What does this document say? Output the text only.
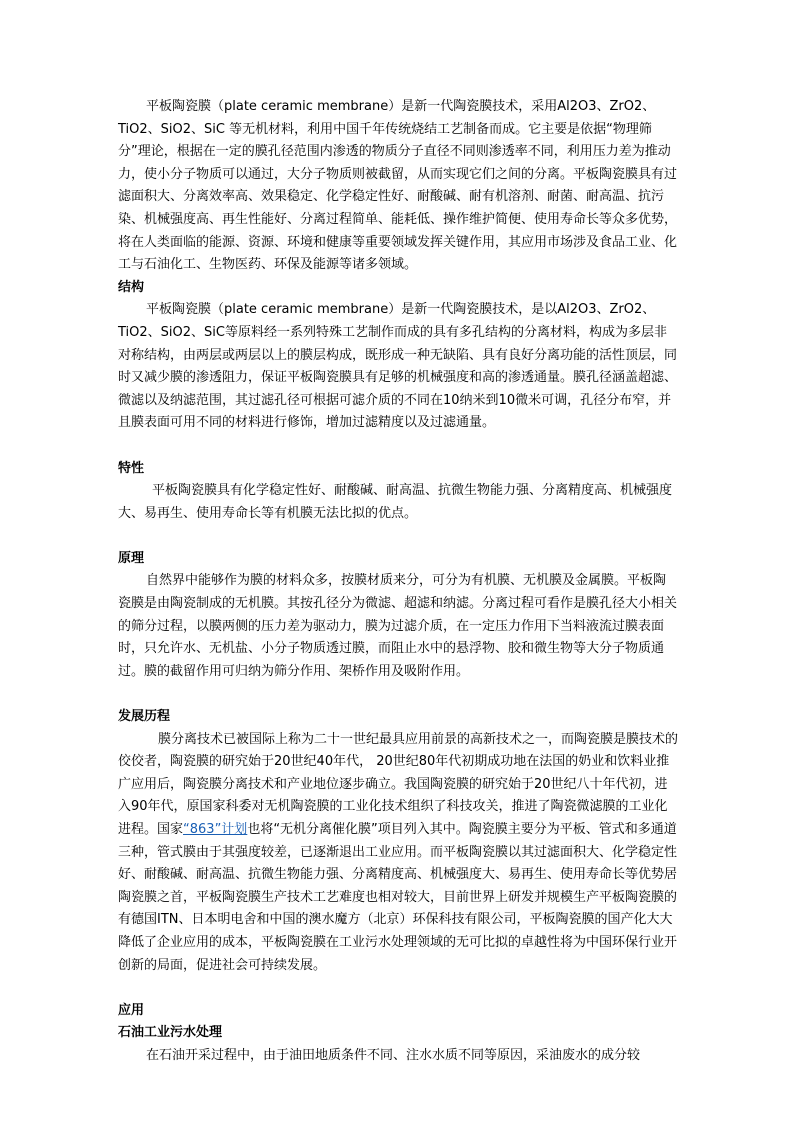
平板陶瓷膜（plate ceramic membrane）是新一代陶瓷膜技术，采用Al2O3、ZrO2、TiO2、SiO2、SiC 等无机材料，利用中国千年传统烧结工艺制备而成。它主要是依据“物理筛分”理论，根据在一定的膜孔径范围内渗透的物质分子直径不同则渗透率不同，利用压力差为推动力，使小分子物质可以通过，大分子物质则被截留，从而实现它们之间的分离。平板陶瓷膜具有过滤面积大、分离效率高、效果稳定、化学稳定性好、耐酸碱、耐有机溶剂、耐菌、耐高温、抗污染、机械强度高、再生性能好、分离过程简单、能耗低、操作维护简便、使用寿命长等众多优势，将在人类面临的能源、资源、环境和健康等重要领域发挥关键作用，其应用市场涉及食品工业、化工与石油化工、生物医药、环保及能源等诸多领域。

结构

平板陶瓷膜（plate ceramic membrane）是新一代陶瓷膜技术，是以Al2O3、ZrO2、TiO2、SiO2、SiC等原料经一系列特殊工艺制作而成的具有多孔结构的分离材料，构成为多层非对称结构，由两层或两层以上的膜层构成，既形成一种无缺陷、具有良好分离功能的活性顶层，同时又减少膜的渗透阻力，保证平板陶瓷膜具有足够的机械强度和高的渗透通量。膜孔径涵盖超滤、微滤以及纳滤范围，其过滤孔径可根据可滤介质的不同在10纳米到10微米可调，孔径分布窄，并且膜表面可用不同的材料进行修饰，增加过滤精度以及过滤通量。

特性

平板陶瓷膜具有化学稳定性好、耐酸碱、耐高温、抗微生物能力强、分离精度高、机械强度大、易再生、使用寿命长等有机膜无法比拟的优点。

原理

自然界中能够作为膜的材料众多，按膜材质来分，可分为有机膜、无机膜及金属膜。平板陶瓷膜是由陶瓷制成的无机膜。其按孔径分为微滤、超滤和纳滤。分离过程可看作是膜孔径大小相关的筛分过程，以膜两侧的压力差为驱动力，膜为过滤介质，在一定压力作用下当料液流过膜表面时，只允许水、无机盐、小分子物质透过膜，而阻止水中的悬浮物、胶和微生物等大分子物质通过。膜的截留作用可归纳为筛分作用、架桥作用及吸附作用。

发展历程

膜分离技术已被国际上称为二十一世纪最具应用前景的高新技术之一，而陶瓷膜是膜技术的佼佼者，陶瓷膜的研究始于20世纪40年代， 20世纪80年代初期成功地在法国的奶业和饮料业推广应用后，陶瓷膜分离技术和产业地位逐步确立。我国陶瓷膜的研究始于20世纪八十年代初，进入90年代，原国家科委对无机陶瓷膜的工业化技术组织了科技攻关，推进了陶瓷微滤膜的工业化进程。国家“863”计划也将“无机分离催化膜”项目列入其中。陶瓷膜主要分为平板、管式和多通道三种，管式膜由于其强度较差，已逐渐退出工业应用。而平板陶瓷膜以其过滤面积大、化学稳定性好、耐酸碱、耐高温、抗微生物能力强、分离精度高、机械强度大、易再生、使用寿命长等优势居陶瓷膜之首，平板陶瓷膜生产技术工艺难度也相对较大，目前世界上研发并规模生产平板陶瓷膜的有德国ITN、日本明电舍和中国的澳水魔方（北京）环保科技有限公司，平板陶瓷膜的国产化大大降低了企业应用的成本，平板陶瓷膜在工业污水处理领域的无可比拟的卓越性将为中国环保行业开创新的局面，促进社会可持续发展。

应用
石油工业污水处理

在石油开采过程中，由于油田地质条件不同、注水水质不同等原因，采油废水的成分较
